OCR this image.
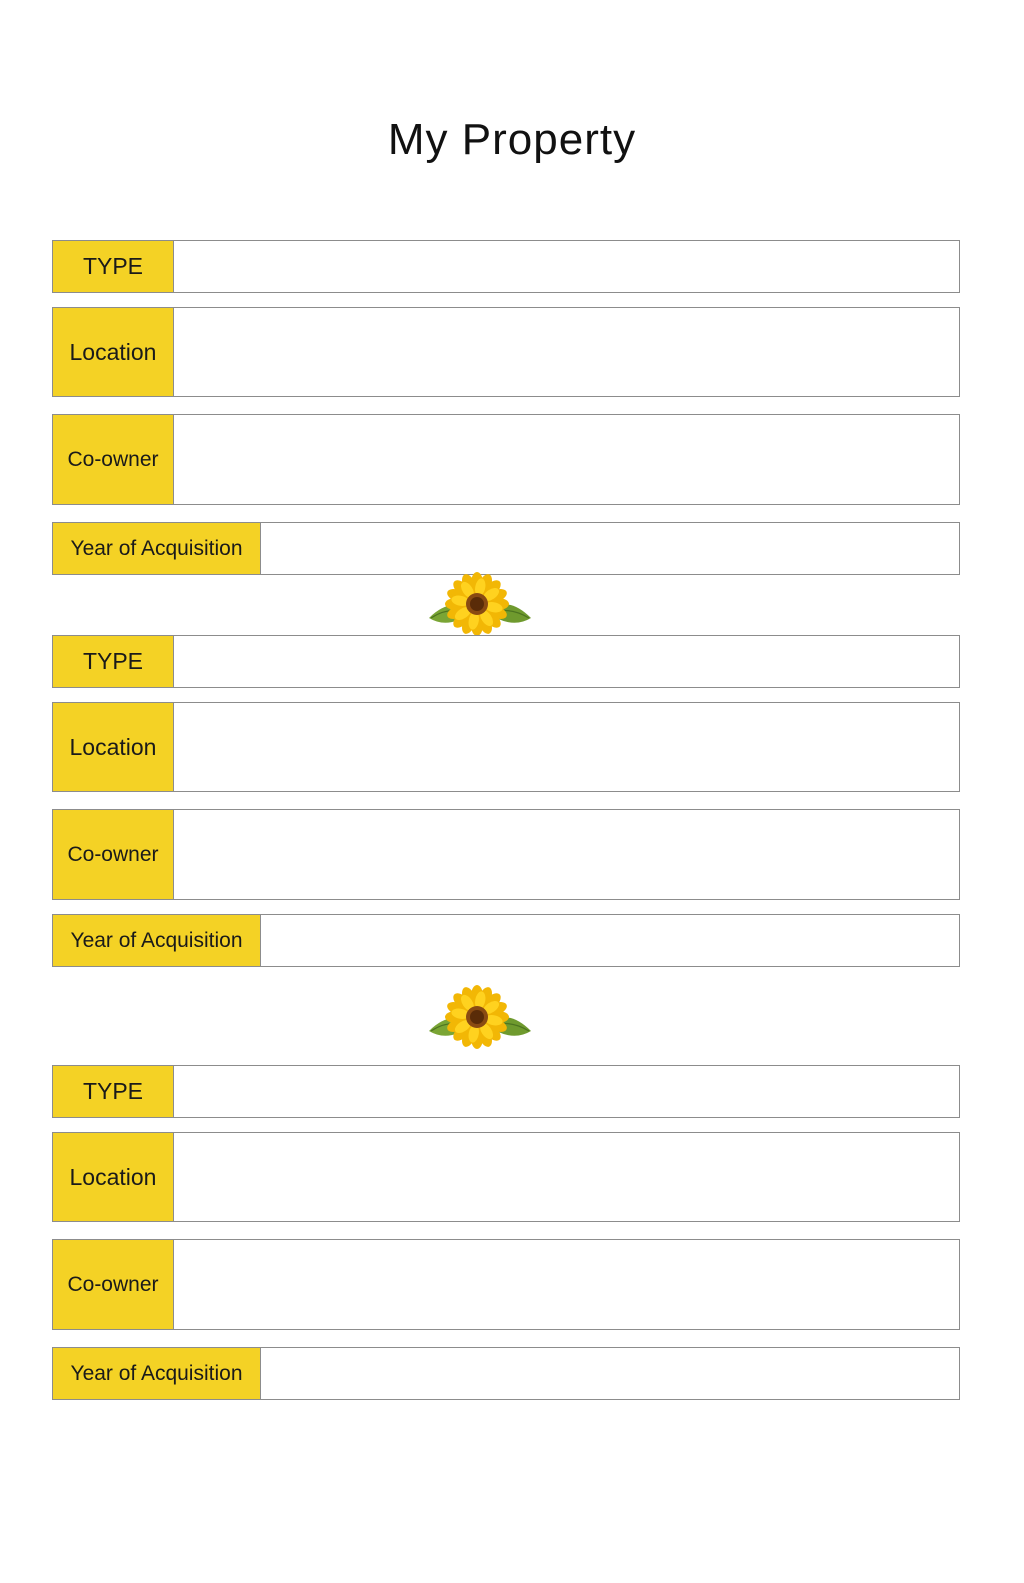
My Property
TYPE
Location
Co-owner
Year of Acquisition
TYPE
Location
Co-owner
Year of Acquisition
TYPE
Location
Co-owner
Year of Acquisition
